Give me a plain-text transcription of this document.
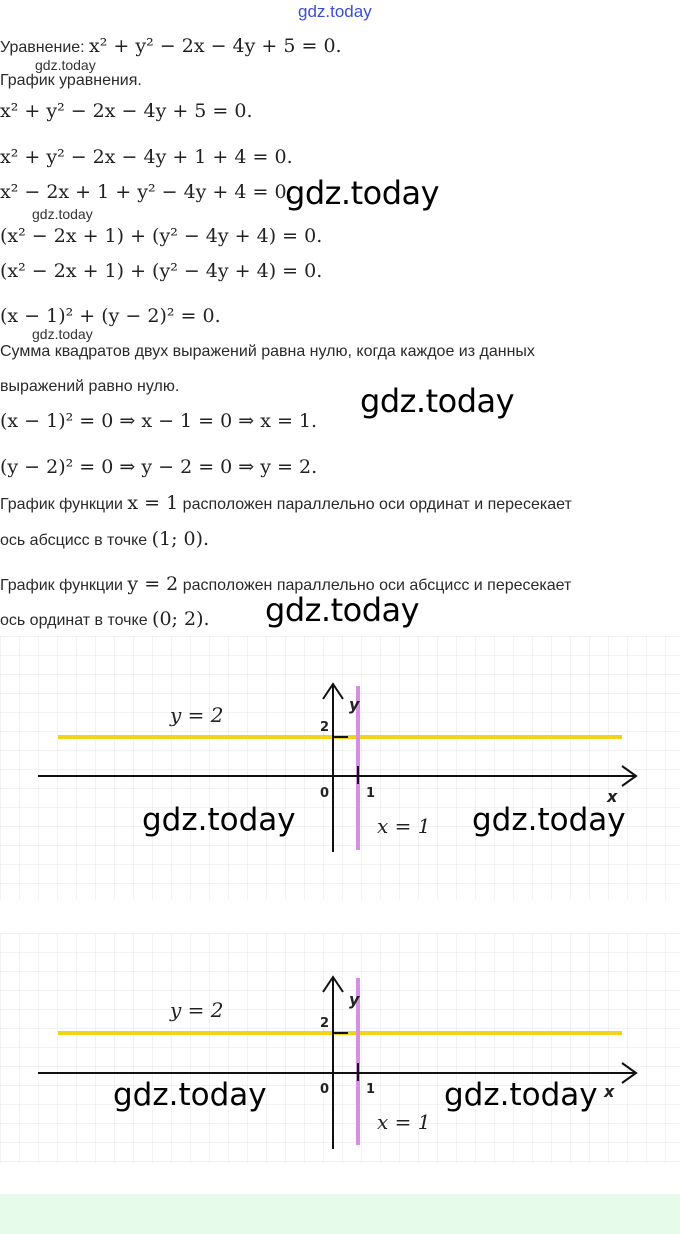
gdz.today
Уравнение: x² + y² − 2x − 4y + 5 = 0.
gdz.today
График уравнения.
x² + y² − 2x − 4y + 5 = 0.
x² + y² − 2x − 4y + 1 + 4 = 0.
x² − 2x + 1 + y² − 4y + 4 = 0.
gdz.today
gdz.today
(x² − 2x + 1) + (y² − 4y + 4) = 0.
(x² − 2x + 1) + (y² − 4y + 4) = 0.
(x − 1)² + (y − 2)² = 0.
gdz.today
Сумма квадратов двух выражений равна нулю, когда каждое из данных
выражений равно нулю.	gdz.today
(x − 1)² = 0 ⇒ x − 1 = 0 ⇒ x = 1.
(y − 2)² = 0 ⇒ y − 2 = 0 ⇒ y = 2.
График функции x = 1 расположен параллельно оси ординат и пересекает
ось абсцисс в точке (1; 0).
График функции y = 2 расположен параллельно оси абсцисс и пересекает
ось ординат в точке (0; 2). gdz.today
y = 2
x = 1
y
x
0	1
2
gdz.today	gdz.today
y = 2
x = 1
y
x
0	1
2
gdz.today	gdz.today
